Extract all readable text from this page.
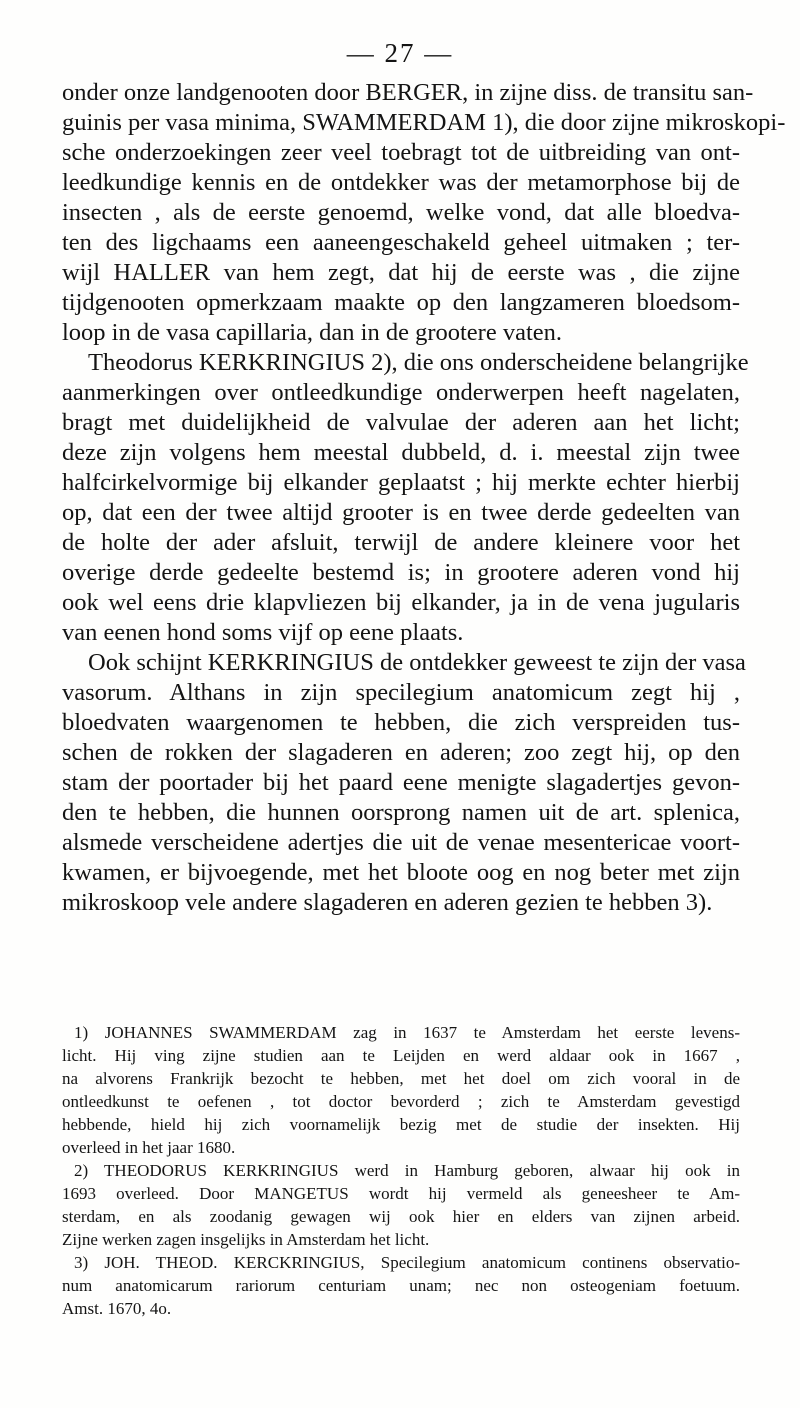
— 27 —
onder onze landgenooten door BERGER, in zijne diss. de transitu san-
guinis per vasa minima, SWAMMERDAM 1), die door zijne mikroskopi-
sche onderzoekingen zeer veel toebragt tot de uitbreiding van ont-
leedkundige kennis en de ontdekker was der metamorphose bij de
insecten , als de eerste genoemd, welke vond, dat alle bloedva-
ten des ligchaams een aaneengeschakeld geheel uitmaken ; ter-
wijl HALLER van hem zegt, dat hij de eerste was , die zijne
tijdgenooten opmerkzaam maakte op den langzameren bloedsom-
loop in de vasa capillaria, dan in de grootere vaten.
Theodorus KERKRINGIUS 2), die ons onderscheidene belangrijke
aanmerkingen over ontleedkundige onderwerpen heeft nagelaten,
bragt met duidelijkheid de valvulae der aderen aan het licht;
deze zijn volgens hem meestal dubbeld, d. i. meestal zijn twee
halfcirkelvormige bij elkander geplaatst ; hij merkte echter hierbij
op, dat een der twee altijd grooter is en twee derde gedeelten van
de holte der ader afsluit, terwijl de andere kleinere voor het
overige derde gedeelte bestemd is; in grootere aderen vond hij
ook wel eens drie klapvliezen bij elkander, ja in de vena jugularis
van eenen hond soms vijf op eene plaats.
Ook schijnt KERKRINGIUS de ontdekker geweest te zijn der vasa
vasorum. Althans in zijn specilegium anatomicum zegt hij ,
bloedvaten waargenomen te hebben, die zich verspreiden tus-
schen de rokken der slagaderen en aderen; zoo zegt hij, op den
stam der poortader bij het paard eene menigte slagadertjes gevon-
den te hebben, die hunnen oorsprong namen uit de art. splenica,
alsmede verscheidene adertjes die uit de venae mesentericae voort-
kwamen, er bijvoegende, met het bloote oog en nog beter met zijn
mikroskoop vele andere slagaderen en aderen gezien te hebben 3).
1) JOHANNES SWAMMERDAM zag in 1637 te Amsterdam het eerste levens-
licht. Hij ving zijne studien aan te Leijden en werd aldaar ook in 1667 ,
na alvorens Frankrijk bezocht te hebben, met het doel om zich vooral in de
ontleedkunst te oefenen , tot doctor bevorderd ; zich te Amsterdam gevestigd
hebbende, hield hij zich voornamelijk bezig met de studie der insekten. Hij
overleed in het jaar 1680.
2) THEODORUS KERKRINGIUS werd in Hamburg geboren, alwaar hij ook in
1693 overleed. Door MANGETUS wordt hij vermeld als geneesheer te Am-
sterdam, en als zoodanig gewagen wij ook hier en elders van zijnen arbeid.
Zijne werken zagen insgelijks in Amsterdam het licht.
3) JOH. THEOD. KERCKRINGIUS, Specilegium anatomicum continens observatio-
num anatomicarum rariorum centuriam unam; nec non osteogeniam foetuum.
Amst. 1670, 4o.
